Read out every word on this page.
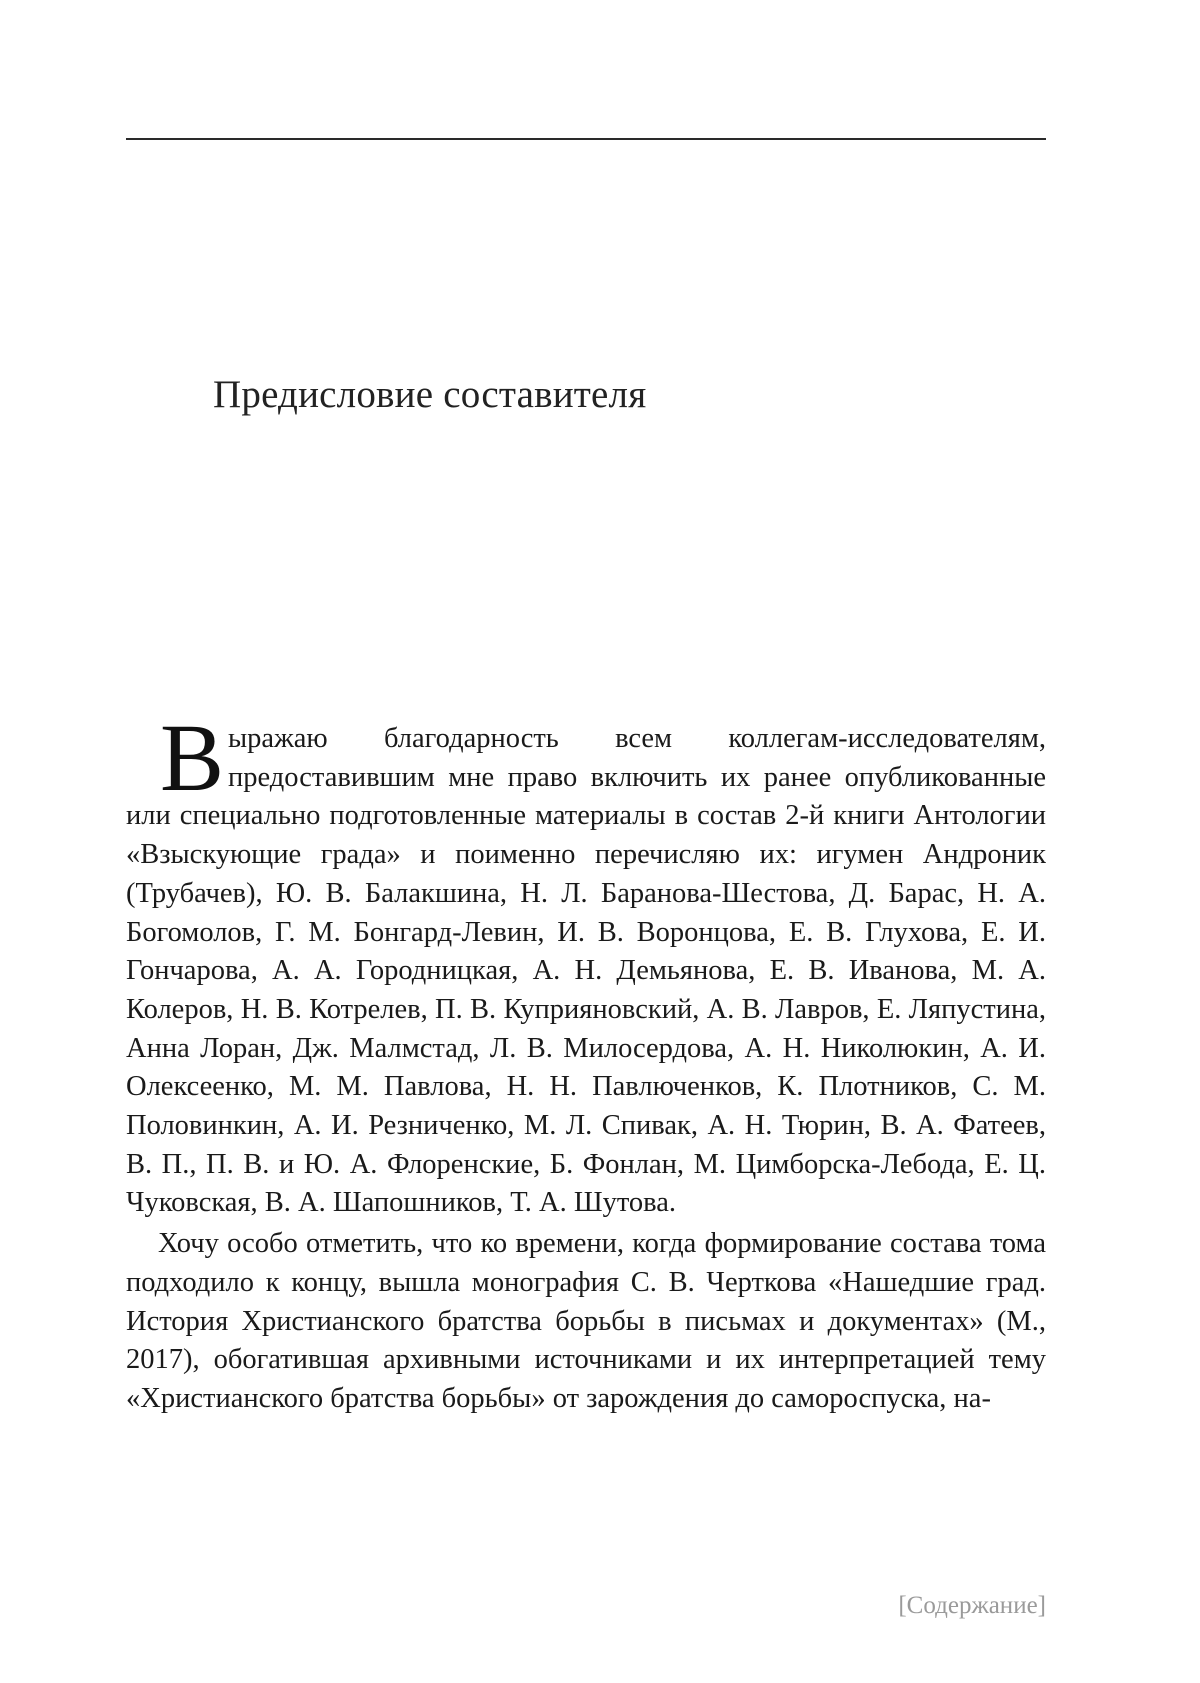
Предисловие составителя

Выражаю благодарность всем коллегам-исследователям, предоставившим мне право включить их ранее опубликованные или специально подготовленные материалы в состав 2-й книги Антологии «Взыскующие града» и поименно перечисляю их: игумен Андроник (Трубачев), Ю. В. Балакшина, Н. Л. Баранова-Шестова, Д. Барас, Н. А. Богомолов, Г. М. Бонгард-Левин, И. В. Воронцова, Е. В. Глухова, Е. И. Гончарова, А. А. Городницкая, А. Н. Демьянова, Е. В. Иванова, М. А. Колеров, Н. В. Котрелев, П. В. Куприяновский, А. В. Лавров, Е. Ляпустина, Анна Лоран, Дж. Малмстад, Л. В. Милосердова, А. Н. Николюкин, А. И. Олексеенко, М. М. Павлова, Н. Н. Павлюченков, К. Плотников, С. М. Половинкин, А. И. Резниченко, М. Л. Спивак, А. Н. Тюрин, В. А. Фатеев, В. П., П. В. и Ю. А. Флоренские, Б. Фонлан, М. Цимборска-Лебода, Е. Ц. Чуковская, В. А. Шапошников, Т. А. Шутова.

Хочу особо отметить, что ко времени, когда формирование состава тома подходило к концу, вышла монография С. В. Черткова «Нашедшие град. История Христианского братства борьбы в письмах и документах» (М., 2017), обогатившая архивными источниками и их интерпретацией тему «Христианского братства борьбы» от зарождения до самороспуска, на-

[Содержание]
